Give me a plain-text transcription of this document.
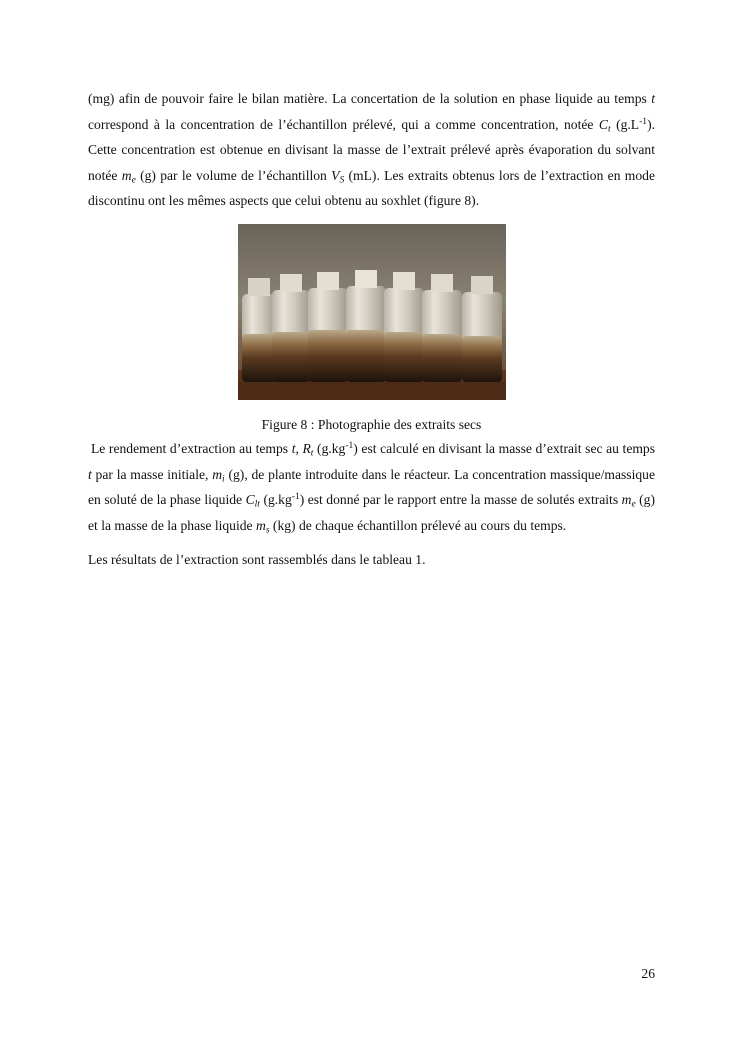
(mg) afin de pouvoir faire le bilan matière. La concertation de la solution en phase liquide au temps t correspond à la concentration de l’échantillon prélevé, qui a comme concentration, notée $C_t$ $(g.L^{-1})$. Cette concentration est obtenue en divisant la masse de l’extrait prélevé après évaporation du solvant notée $m_e$ (g) par le volume de l’échantillon $V_S$ (mL). Les extraits obtenus lors de l’extraction en mode discontinu ont les mêmes aspects que celui obtenu au soxhlet (figure 8).

Figure 8 : Photographie des extraits secs

Le rendement d’extraction au temps t, $R_t$ $(g.kg^{-1})$ est calculé en divisant la masse d’extrait sec au temps t par la masse initiale, $m_i$ (g), de plante introduite dans le réacteur. La concentration massique/massique en soluté de la phase liquide $C_{lt}$ $(g.kg^{-1})$ est donné par le rapport entre la masse de solutés extraits $m_e$ (g) et la masse de la phase liquide $m_s$ (kg) de chaque échantillon prélevé au cours du temps.

Les résultats de l’extraction sont rassemblés dans le tableau 1.

26
